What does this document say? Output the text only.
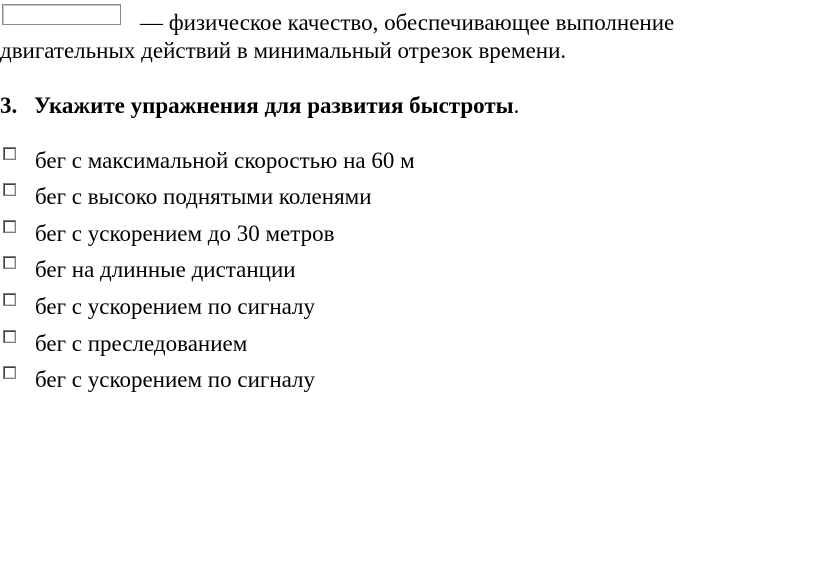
— физическое качество, обеспечивающее выполнение
двигательных действий в минимальный отрезок времени.
3. Укажите упражнения для развития быстроты.
бег с максимальной скоростью на 60 м
бег с высоко поднятыми коленями
бег с ускорением до 30 метров
бег на длинные дистанции
бег с ускорением по сигналу
бег с преследованием
бег с ускорением по сигналу
